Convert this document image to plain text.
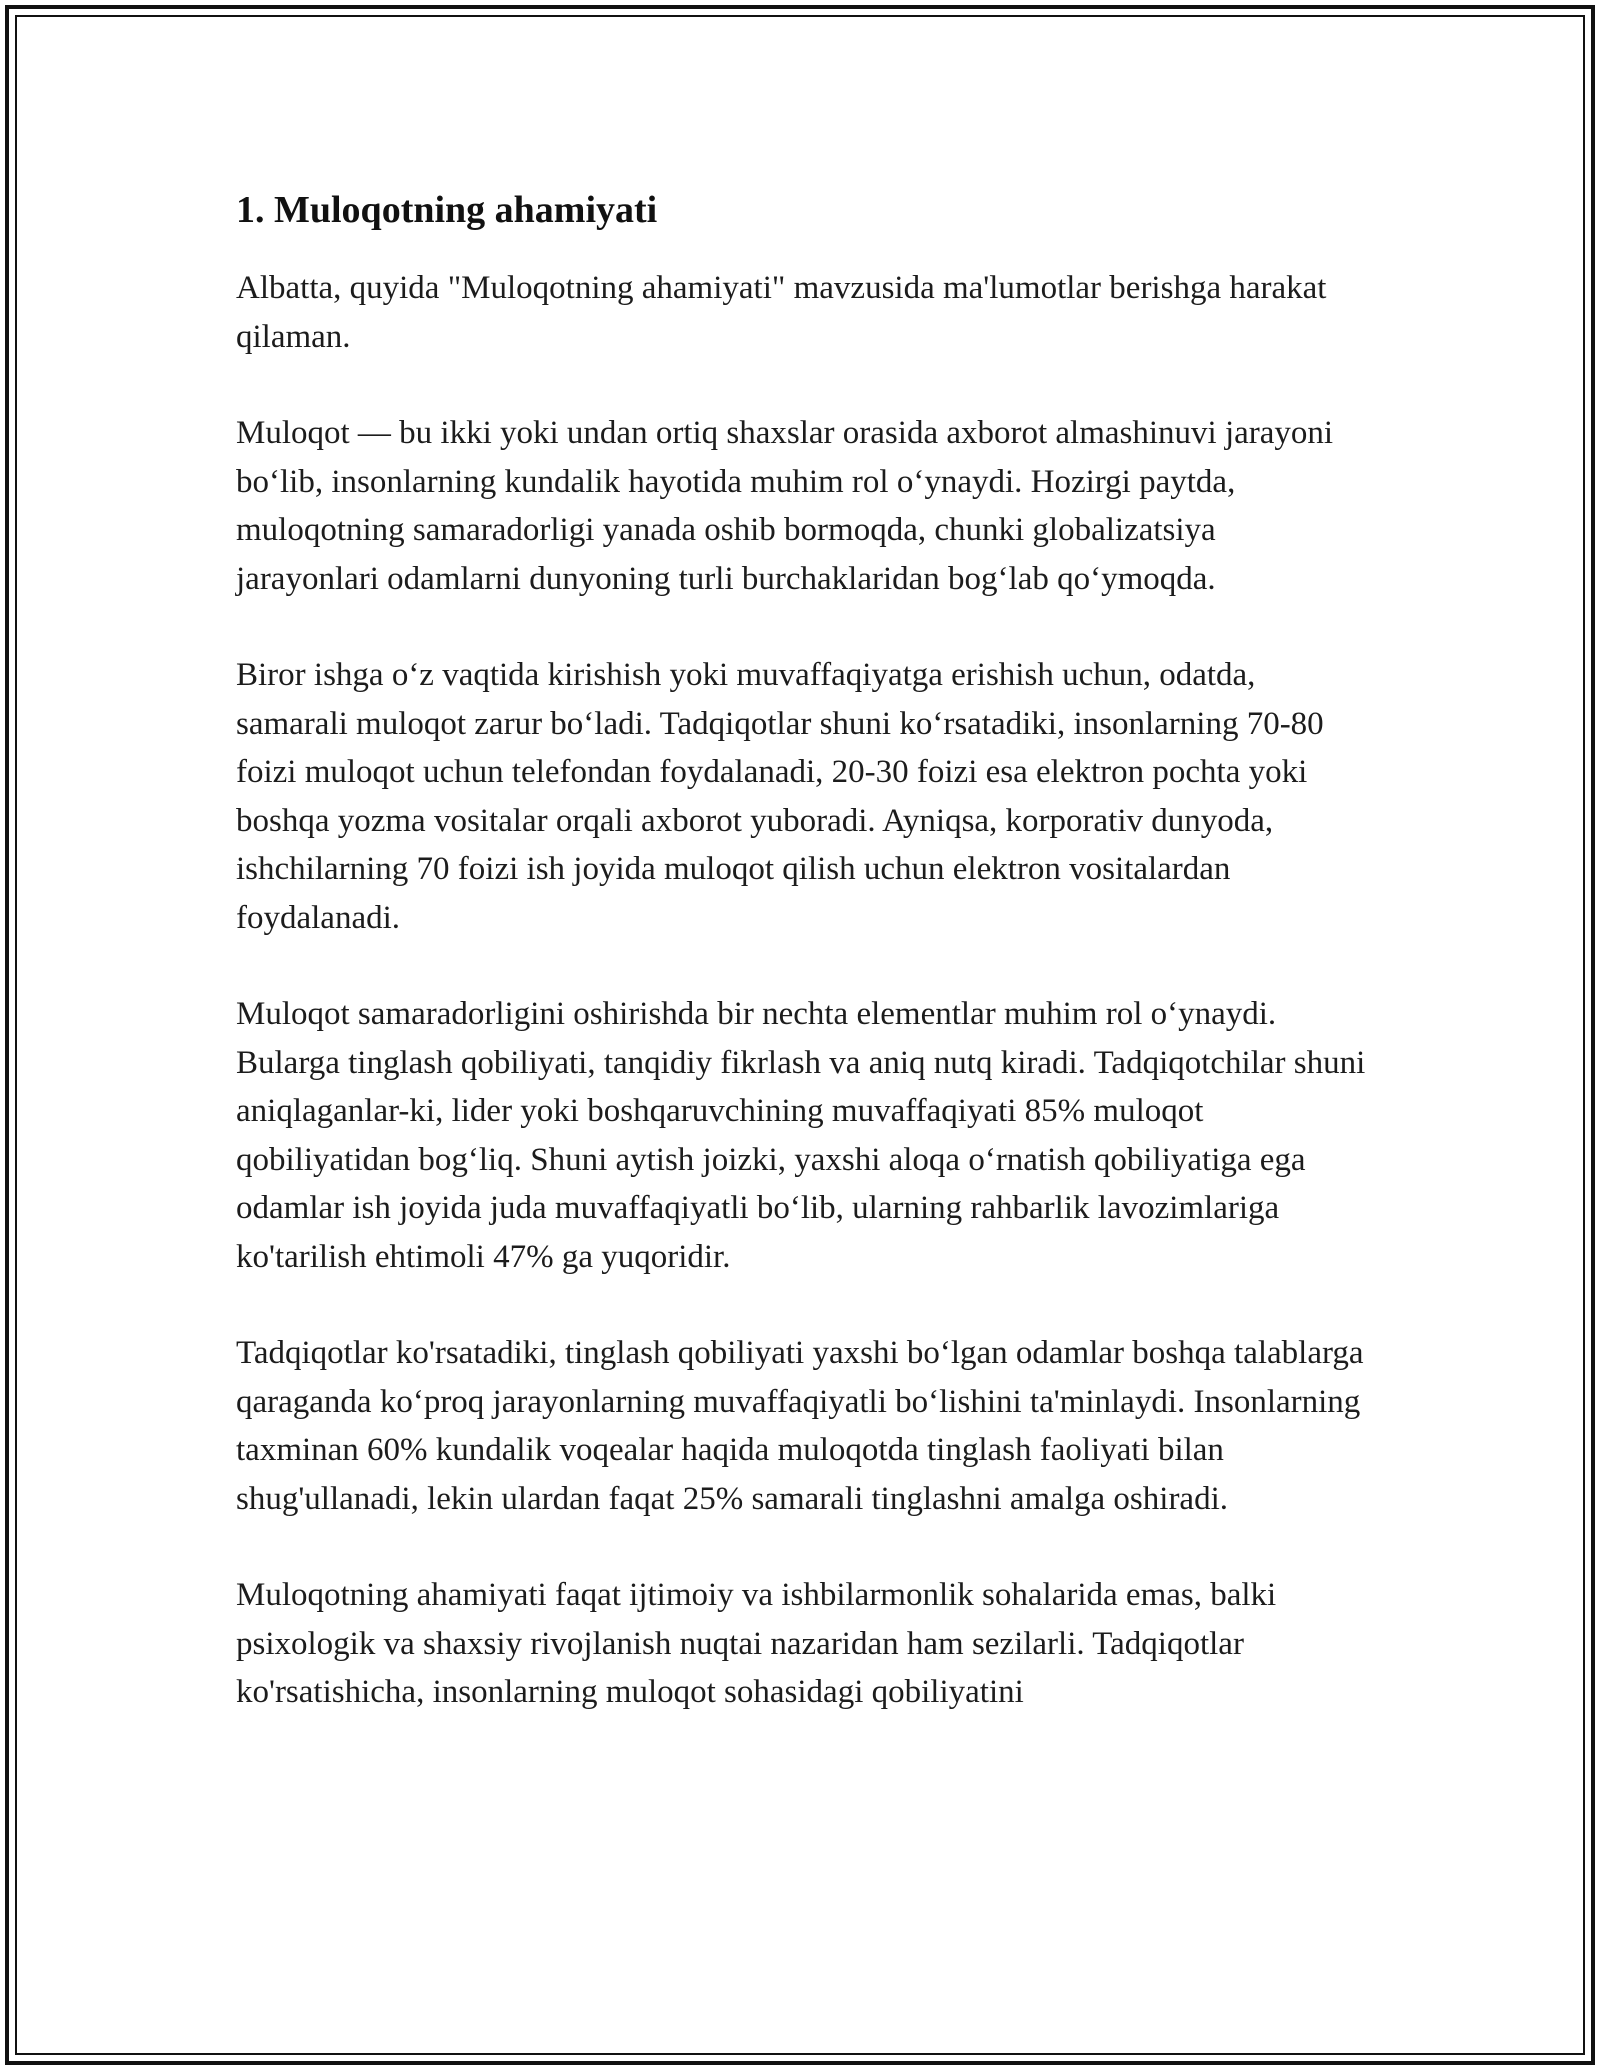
1. Muloqotning ahamiyati

Albatta, quyida "Muloqotning ahamiyati" mavzusida ma'lumotlar berishga harakat qilaman.

Muloqot — bu ikki yoki undan ortiq shaxslar orasida axborot almashinuvi jarayoni bo‘lib, insonlarning kundalik hayotida muhim rol o‘ynaydi. Hozirgi paytda, muloqotning samaradorligi yanada oshib bormoqda, chunki globalizatsiya jarayonlari odamlarni dunyoning turli burchaklaridan bog‘lab qo‘ymoqda.

Biror ishga o‘z vaqtida kirishish yoki muvaffaqiyatga erishish uchun, odatda, samarali muloqot zarur bo‘ladi. Tadqiqotlar shuni ko‘rsatadiki, insonlarning 70-80 foizi muloqot uchun telefondan foydalanadi, 20-30 foizi esa elektron pochta yoki boshqa yozma vositalar orqali axborot yuboradi. Ayniqsa, korporativ dunyoda, ishchilarning 70 foizi ish joyida muloqot qilish uchun elektron vositalardan foydalanadi.

Muloqot samaradorligini oshirishda bir nechta elementlar muhim rol o‘ynaydi. Bularga tinglash qobiliyati, tanqidiy fikrlash va aniq nutq kiradi. Tadqiqotchilar shuni aniqlaganlar-ki, lider yoki boshqaruvchining muvaffaqiyati 85% muloqot qobiliyatidan bog‘liq. Shuni aytish joizki, yaxshi aloqa o‘rnatish qobiliyatiga ega odamlar ish joyida juda muvaffaqiyatli bo‘lib, ularning rahbarlik lavozimlariga ko'tarilish ehtimoli 47% ga yuqoridir.

Tadqiqotlar ko'rsatadiki, tinglash qobiliyati yaxshi bo‘lgan odamlar boshqa talablarga qaraganda ko‘proq jarayonlarning muvaffaqiyatli bo‘lishini ta'minlaydi. Insonlarning taxminan 60% kundalik voqealar haqida muloqotda tinglash faoliyati bilan shug'ullanadi, lekin ulardan faqat 25% samarali tinglashni amalga oshiradi.

Muloqotning ahamiyati faqat ijtimoiy va ishbilarmonlik sohalarida emas, balki psixologik va shaxsiy rivojlanish nuqtai nazaridan ham sezilarli. Tadqiqotlar ko'rsatishicha, insonlarning muloqot sohasidagi qobiliyatini
